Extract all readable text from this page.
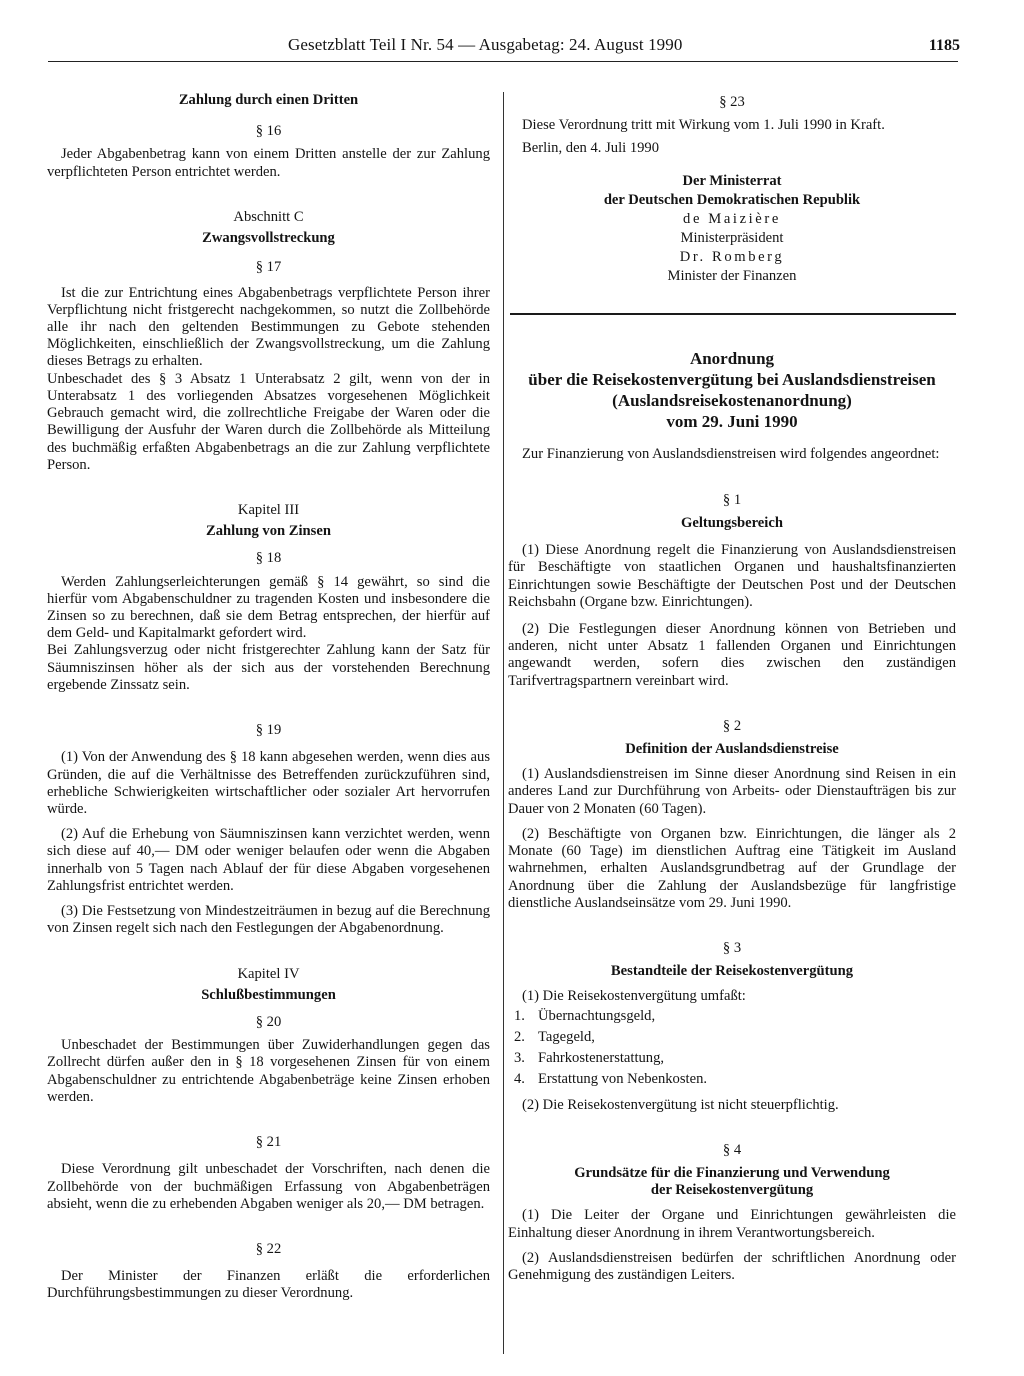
Gesetzblatt Teil I Nr. 54 — Ausgabetag: 24. August 1990	1185

Zahlung durch einen Dritten

§ 16

Jeder Abgabenbetrag kann von einem Dritten anstelle der zur Zahlung verpflichteten Person entrichtet werden.

Abschnitt C

Zwangsvollstreckung

§ 17

Ist die zur Entrichtung eines Abgabenbetrags verpflichtete Person ihrer Verpflichtung nicht fristgerecht nachgekommen, so nutzt die Zollbehörde alle ihr nach den geltenden Bestimmungen zu Gebote stehenden Möglichkeiten, einschließlich der Zwangsvollstreckung, um die Zahlung dieses Betrags zu erhalten.

Unbeschadet des § 3 Absatz 1 Unterabsatz 2 gilt, wenn von der in Unterabsatz 1 des vorliegenden Absatzes vorgesehenen Möglichkeit Gebrauch gemacht wird, die zollrechtliche Freigabe der Waren oder die Bewilligung der Ausfuhr der Waren durch die Zollbehörde als Mitteilung des buchmäßig erfaßten Abgabenbetrags an die zur Zahlung verpflichtete Person.

Kapitel III

Zahlung von Zinsen

§ 18

Werden Zahlungserleichterungen gemäß § 14 gewährt, so sind die hierfür vom Abgabenschuldner zu tragenden Kosten und insbesondere die Zinsen so zu berechnen, daß sie dem Betrag entsprechen, der hierfür auf dem Geld- und Kapitalmarkt gefordert wird.

Bei Zahlungsverzug oder nicht fristgerechter Zahlung kann der Satz für Säumniszinsen höher als der sich aus der vorstehenden Berechnung ergebende Zinssatz sein.

§ 19

(1) Von der Anwendung des § 18 kann abgesehen werden, wenn dies aus Gründen, die auf die Verhältnisse des Betreffenden zurückzuführen sind, erhebliche Schwierigkeiten wirtschaftlicher oder sozialer Art hervorrufen würde.

(2) Auf die Erhebung von Säumniszinsen kann verzichtet werden, wenn sich diese auf 40,— DM oder weniger belaufen oder wenn die Abgaben innerhalb von 5 Tagen nach Ablauf der für diese Abgaben vorgesehenen Zahlungsfrist entrichtet werden.

(3) Die Festsetzung von Mindestzeiträumen in bezug auf die Berechnung von Zinsen regelt sich nach den Festlegungen der Abgabenordnung.

Kapitel IV

Schlußbestimmungen

§ 20

Unbeschadet der Bestimmungen über Zuwiderhandlungen gegen das Zollrecht dürfen außer den in § 18 vorgesehenen Zinsen für von einem Abgabenschuldner zu entrichtende Abgabenbeträge keine Zinsen erhoben werden.

§ 21

Diese Verordnung gilt unbeschadet der Vorschriften, nach denen die Zollbehörde von der buchmäßigen Erfassung von Abgabenbeträgen absieht, wenn die zu erhebenden Abgaben weniger als 20,— DM betragen.

§ 22

Der Minister der Finanzen erläßt die erforderlichen Durchführungsbestimmungen zu dieser Verordnung.

§ 23

Diese Verordnung tritt mit Wirkung vom 1. Juli 1990 in Kraft.

Berlin, den 4. Juli 1990

Der Ministerrat

der Deutschen Demokratischen Republik

de Maizière

Ministerpräsident

Dr. Romberg

Minister der Finanzen

Anordnung

über die Reisekostenvergütung bei Auslandsdienstreisen

(Auslandsreisekostenanordnung)

vom 29. Juni 1990

Zur Finanzierung von Auslandsdienstreisen wird folgendes angeordnet:

§ 1

Geltungsbereich

(1) Diese Anordnung regelt die Finanzierung von Auslandsdienstreisen für Beschäftigte von staatlichen Organen und haushaltsfinanzierten Einrichtungen sowie Beschäftigte der Deutschen Post und der Deutschen Reichsbahn (Organe bzw. Einrichtungen).

(2) Die Festlegungen dieser Anordnung können von Betrieben und anderen, nicht unter Absatz 1 fallenden Organen und Einrichtungen angewandt werden, sofern dies zwischen den zuständigen Tarifvertragspartnern vereinbart wird.

§ 2

Definition der Auslandsdienstreise

(1) Auslandsdienstreisen im Sinne dieser Anordnung sind Reisen in ein anderes Land zur Durchführung von Arbeits- oder Dienstaufträgen bis zur Dauer von 2 Monaten (60 Tagen).

(2) Beschäftigte von Organen bzw. Einrichtungen, die länger als 2 Monate (60 Tage) im dienstlichen Auftrag eine Tätigkeit im Ausland wahrnehmen, erhalten Auslandsgrundbetrag auf der Grundlage der Anordnung über die Zahlung der Auslandsbezüge für langfristige dienstliche Auslandseinsätze vom 29. Juni 1990.

§ 3

Bestandteile der Reisekostenvergütung

(1) Die Reisekostenvergütung umfaßt:

1. Übernachtungsgeld,
2. Tagegeld,
3. Fahrkostenerstattung,
4. Erstattung von Nebenkosten.

(2) Die Reisekostenvergütung ist nicht steuerpflichtig.

§ 4

Grundsätze für die Finanzierung und Verwendung

der Reisekostenvergütung

(1) Die Leiter der Organe und Einrichtungen gewährleisten die Einhaltung dieser Anordnung in ihrem Verantwortungsbereich.

(2) Auslandsdienstreisen bedürfen der schriftlichen Anordnung oder Genehmigung des zuständigen Leiters.
